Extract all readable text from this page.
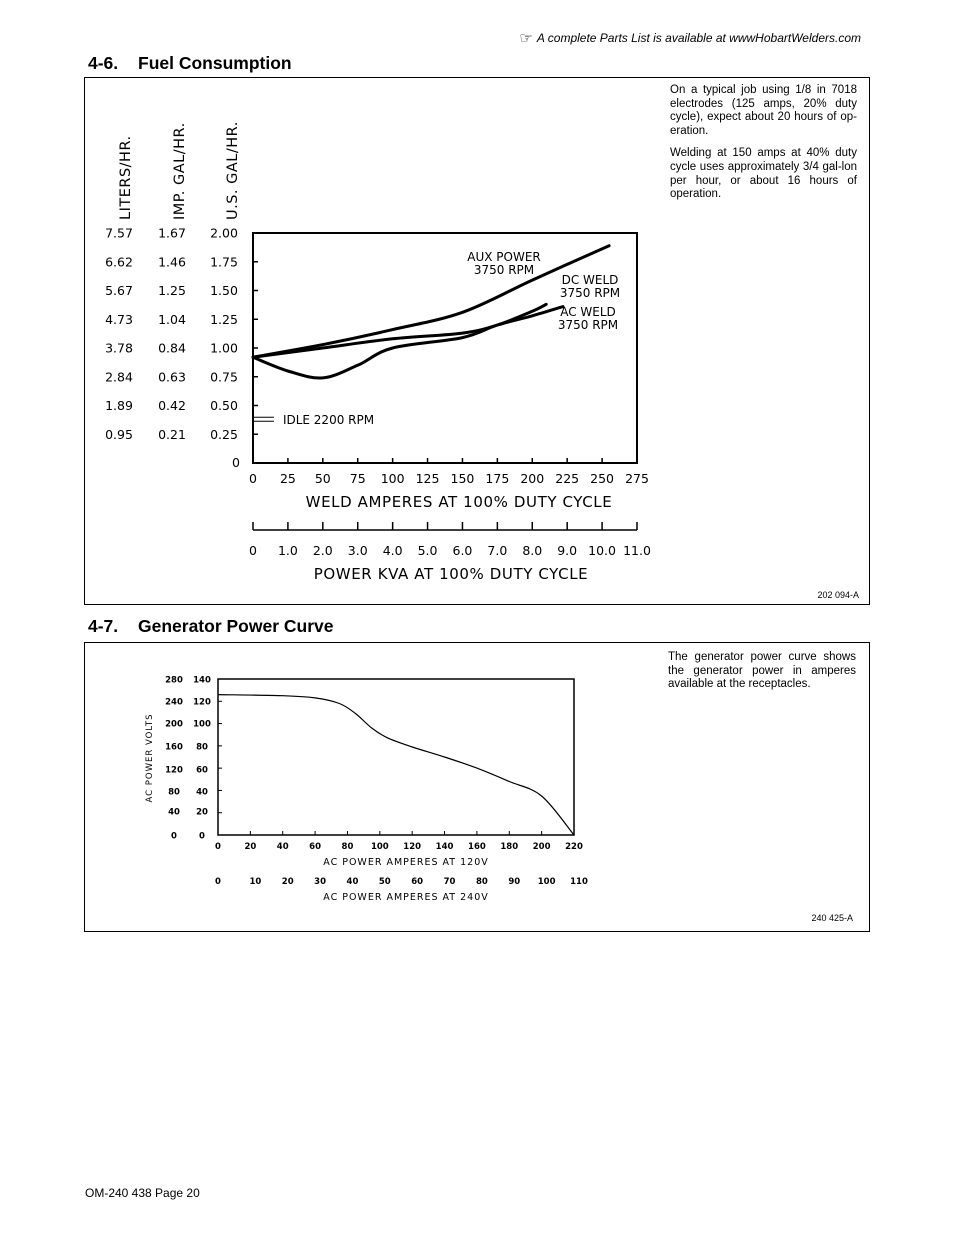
☞ A complete Parts List is available at wwwHobartWelders.com
4-6. Fuel Consumption

On a typical job using 1/8 in 7018 electrodes (125 amps, 20% duty cycle), expect about 20 hours of op-eration.

Welding at 150 amps at 40% duty cycle uses approximately 3/4 gal-lon per hour, or about 16 hours of operation.

202 094-A
7.57 1.67 2.00
6.62 1.46 1.75
5.67 1.25 1.50
4.73 1.04 1.25
3.78 0.84 1.00
2.84 0.63 0.75
1.89 0.42 0.50
0.95 0.21 0.25
0
LITERS/HR.	IMP. GAL/HR.	U.S. GAL/HR.
0 25 50 75 100 125 150 175 200 225 250 275
WELD AMPERES AT 100% DUTY CYCLE
0 1.0 2.0 3.0 4.0 5.0 6.0 7.0 8.0 9.0 10.0 11.0
POWER KVA AT 100% DUTY CYCLE
AUX POWER
3750 RPM
DC WELD
3750 RPM
AC WELD
3750 RPM
IDLE 2200 RPM
4-7. Generator Power Curve

The generator power curve shows the generator power in amperes available at the receptacles.

240 425-A
280 140
240 120
200 100
160 80
120 60
80 40
40 20
0	0
AC POWER VOLTS
0	20 40 60 80 100 120 140 160 180 200 220
AC POWER AMPERES AT 120V
0	10 20 30 40 50 60 70 80 90 100 110
AC POWER AMPERES AT 240V
OM-240 438 Page 20
